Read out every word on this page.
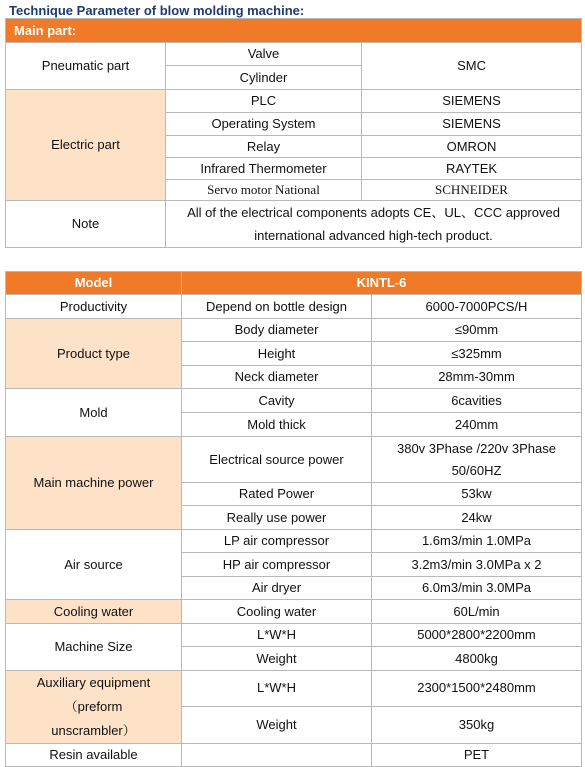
Technique Parameter of blow molding machine:
Main part:		
Pneumatic part	Valve	SMC
	Cylinder	
Electric part	PLC	SIEMENS
	Operating System	SIEMENS
	Relay	OMRON
	Infrared Thermometer	RAYTEK
	Servo motor National	SCHNEIDER
Note	All of the electrical components adopts CE、UL、CCC approved
international advanced high-tech product.	
Model	KINTL-6	
Productivity	Depend on bottle design	6000-7000PCS/H
Product type	Body diameter	≤90mm
	Height	≤325mm
	Neck diameter	28mm-30mm
Mold	Cavity	6cavities
	Mold thick	240mm
Main machine power	Electrical source power	380v 3Phase /220v 3Phase
50/60HZ

	Rated Power	53kw
	Really use power	24kw
Air source	LP air compressor	1.6m3/min 1.0MPa
	HP air compressor	3.2m3/min 3.0MPa x 2
	Air dryer	6.0m3/min 3.0MPa
Cooling water	Cooling water	60L/min
Machine Size	L*W*H	5000*2800*2200mm
	Weight	4800kg

Auxiliary equipment（preform
unscrambler）	L*W*H	2300*1500*2480mm
	Weight	350kg
Resin available		PET
